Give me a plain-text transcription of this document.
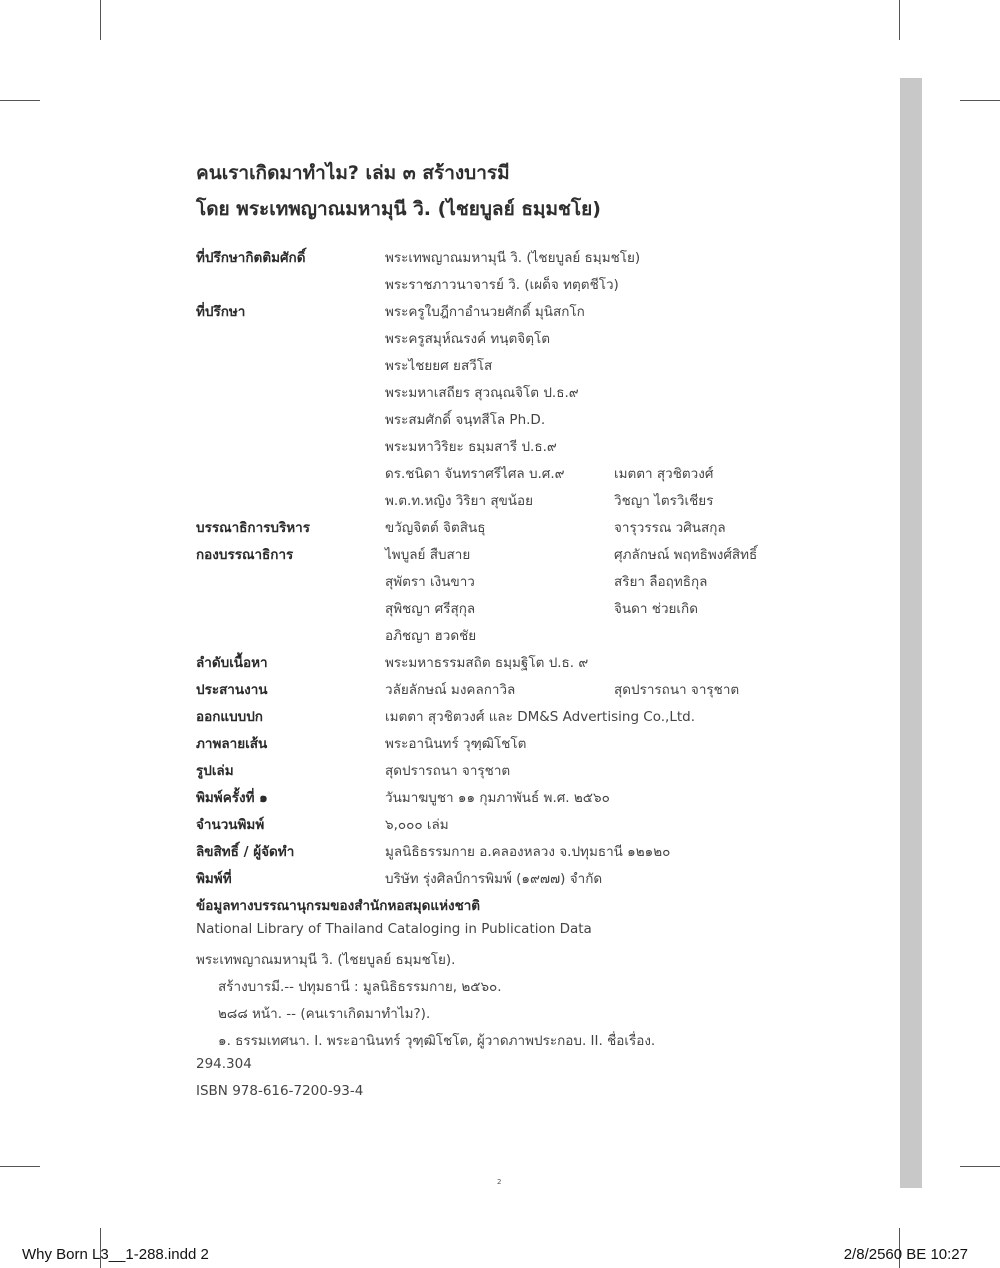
คนเราเกิดมาทำไม? เล่ม ๓ สร้างบารมี
โดย พระเทพญาณมหามุนี วิ. (ไชยบูลย์ ธมฺมชโย)
ที่ปรึกษากิตติมศักดิ์	พระเทพญาณมหามุนี วิ. (ไชยบูลย์ ธมฺมชโย)
พระราชภาวนาจารย์ วิ. (เผด็จ ทตฺตชีโว)
ที่ปรึกษา	พระครูใบฎีกาอำนวยศักดิ์ มุนิสกโก
พระครูสมุห์ณรงค์ ทนฺตจิตฺโต
พระไชยยศ ยสวีโส
พระมหาเสถียร สุวณฺณจิโต ป.ธ.๙
พระสมศักดิ์ จนฺทสีโล Ph.D.
พระมหาวิริยะ ธมฺมสารี ป.ธ.๙
ดร.ชนิดา จันทราศรีไศล บ.ศ.๙	เมตตา สุวชิตวงศ์
พ.ต.ท.หญิง วิริยา สุขน้อย	วิชญา ไตรวิเชียร
บรรณาธิการบริหาร	ขวัญจิตต์ จิตสินธุ	จารุวรรณ วศินสกุล
กองบรรณาธิการ	ไพบูลย์ สืบสาย	ศุภลักษณ์ พฤทธิพงศ์สิทธิ์
สุพัตรา เงินขาว	สริยา ลือฤทธิกุล
สุพิชญา ศรีสุกุล	จินดา ช่วยเกิด
อภิชญา ฮวดชัย
ลำดับเนื้อหา	พระมหาธรรมสถิต ธมฺมฐิโต ป.ธ. ๙
ประสานงาน	วลัยลักษณ์ มงคลกาวิล	สุดปรารถนา จารุชาต
ออกแบบปก	เมตตา สุวชิตวงศ์ และ DM&S Advertising Co.,Ltd.
ภาพลายเส้น	พระอานินทร์ วุฑฺฒิโชโต
รูปเล่ม	สุดปรารถนา จารุชาต
พิมพ์ครั้งที่ ๑	วันมาฆบูชา ๑๑ กุมภาพันธ์ พ.ศ. ๒๕๖๐
จำนวนพิมพ์	๖,๐๐๐ เล่ม
ลิขสิทธิ์ / ผู้จัดทำ	มูลนิธิธรรมกาย อ.คลองหลวง จ.ปทุมธานี ๑๒๑๒๐
พิมพ์ที่	บริษัท รุ่งศิลป์การพิมพ์ (๑๙๗๗) จำกัด
ข้อมูลทางบรรณานุกรมของสำนักหอสมุดแห่งชาติ
National Library of Thailand Cataloging in Publication Data
พระเทพญาณมหามุนี วิ. (ไชยบูลย์ ธมฺมชโย).
สร้างบารมี.-- ปทุมธานี : มูลนิธิธรรมกาย, ๒๕๖๐.
๒๘๘ หน้า. -- (คนเราเกิดมาทำไม?).
๑. ธรรมเทศนา. I. พระอานินทร์ วุฑฺฒิโชโต, ผู้วาดภาพประกอบ. II. ชื่อเรื่อง.
294.304
ISBN 978-616-7200-93-4
2
Why Born L3__1-288.indd 2	2/8/2560 BE 10:27
